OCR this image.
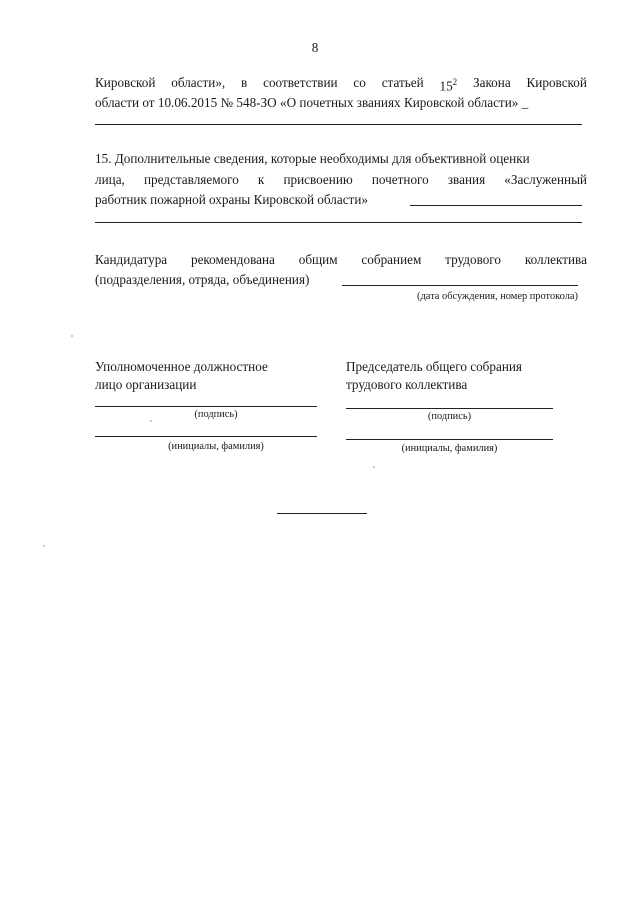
8
Кировской области», в соответствии со статьей $15^2$ Закона Кировской
области от 10.06.2015 № 548-ЗО «О почетных званиях Кировской области» _
15. Дополнительные сведения, которые необходимы для объективной оценки
лица, представляемого к присвоению почетного звания «Заслуженный
работник пожарной охраны Кировской области»
Кандидатура рекомендована общим собранием трудового коллектива
(подразделения, отряда, объединения)
(дата обсуждения, номер протокола)
Уполномоченное должностное
лицо организации
(подпись)
(инициалы, фамилия)
Председатель общего собрания
трудового коллектива
(подпись)
(инициалы, фамилия)
